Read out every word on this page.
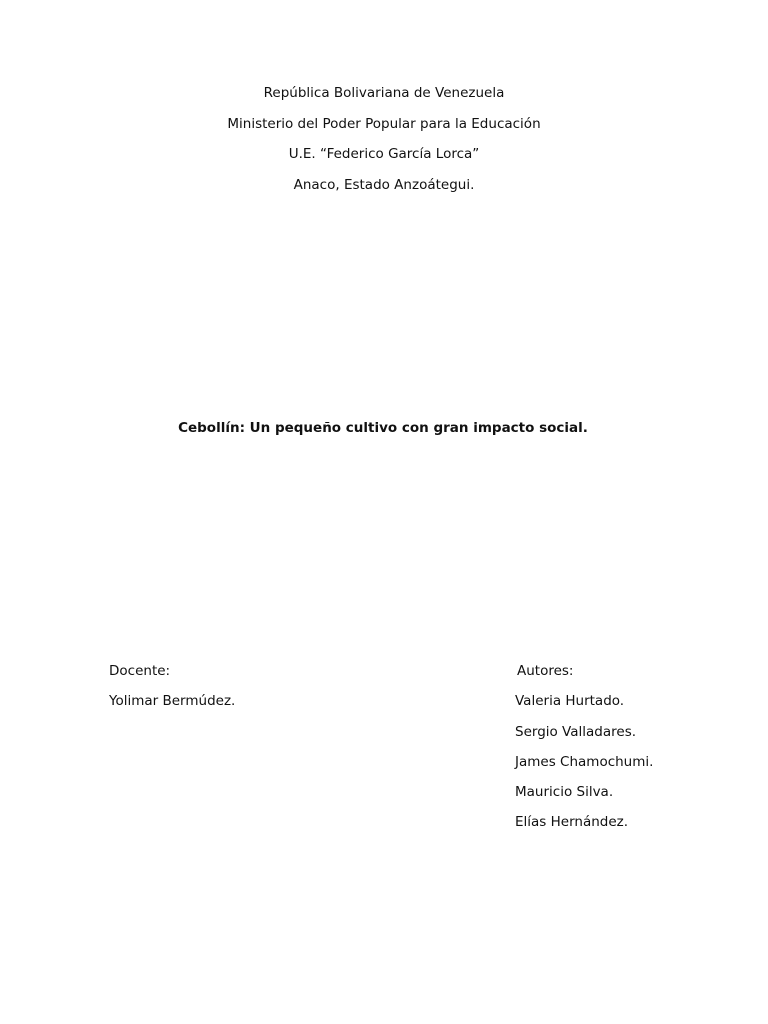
República Bolivariana de Venezuela
Ministerio del Poder Popular para la Educación
U.E. “Federico García Lorca”
Anaco, Estado Anzoátegui.
Cebollín: Un pequeño cultivo con gran impacto social.
Docente:
Yolimar Bermúdez.
Autores:
Valeria Hurtado.
Sergio Valladares.
James Chamochumi.
Mauricio Silva.
Elías Hernández.
